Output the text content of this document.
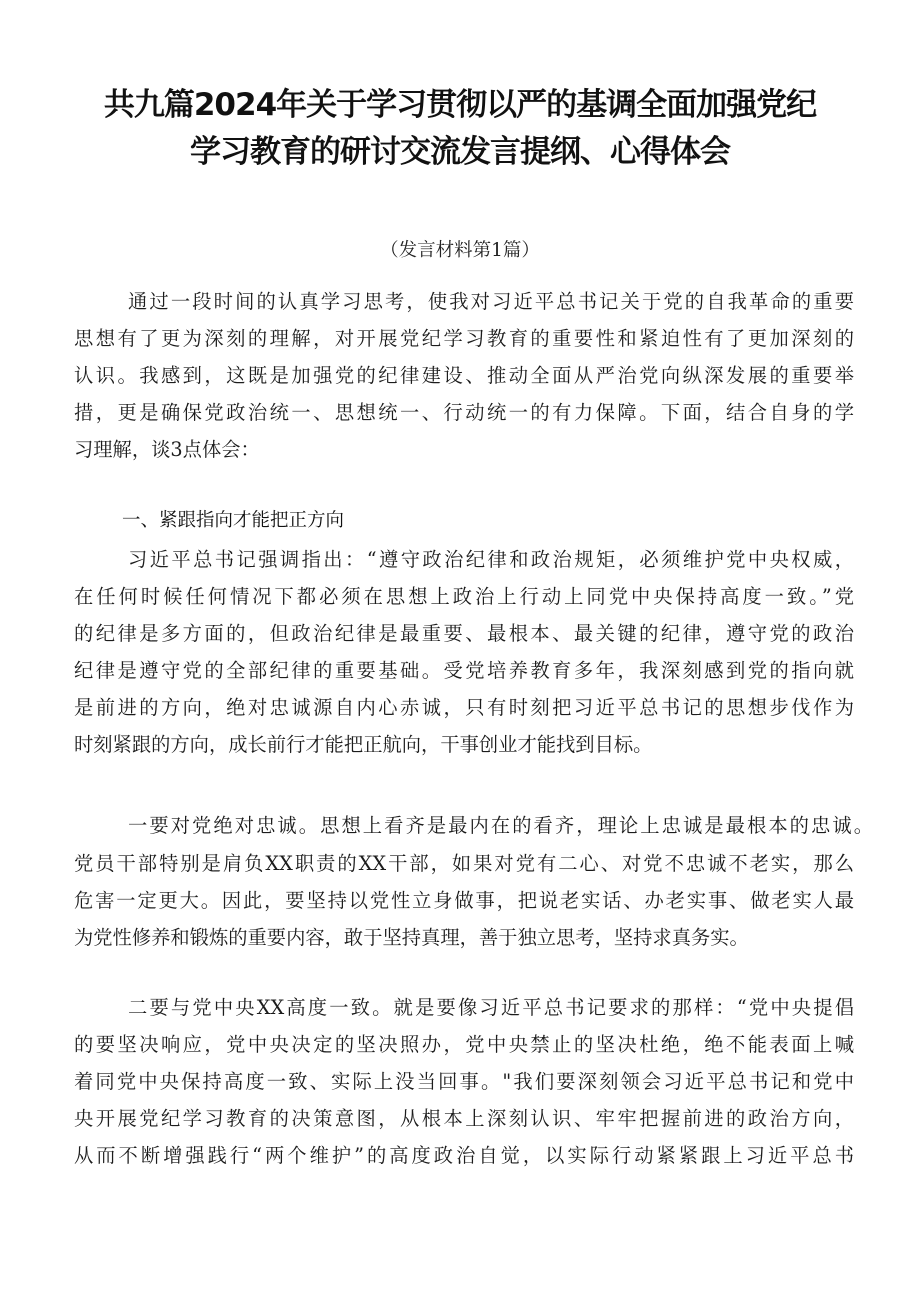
共九篇2024年关于学习贯彻以严的基调全面加强党纪
学习教育的研讨交流发言提纲、心得体会
（发言材料第1篇）
通过一段时间的认真学习思考，使我对习近平总书记关于党的自我革命的重要
思想有了更为深刻的理解，对开展党纪学习教育的重要性和紧迫性有了更加深刻的
认识。我感到，这既是加强党的纪律建设、推动全面从严治党向纵深发展的重要举
措，更是确保党政治统一、思想统一、行动统一的有力保障。下面，结合自身的学
习理解，谈3点体会：
一、紧跟指向才能把正方向
习近平总书记强调指出：“遵守政治纪律和政治规矩，必须维护党中央权威，
在任何时候任何情况下都必须在思想上政治上行动上同党中央保持高度一致。”党
的纪律是多方面的，但政治纪律是最重要、最根本、最关键的纪律，遵守党的政治
纪律是遵守党的全部纪律的重要基础。受党培养教育多年，我深刻感到党的指向就
是前进的方向，绝对忠诚源自内心赤诚，只有时刻把习近平总书记的思想步伐作为
时刻紧跟的方向，成长前行才能把正航向，干事创业才能找到目标。
一要对党绝对忠诚。思想上看齐是最内在的看齐，理论上忠诚是最根本的忠诚。
党员干部特别是肩负XX职责的XX干部，如果对党有二心、对党不忠诚不老实，那么
危害一定更大。因此，要坚持以党性立身做事，把说老实话、办老实事、做老实人最
为党性修养和锻炼的重要内容，敢于坚持真理，善于独立思考，坚持求真务实。
二要与党中央XX高度一致。就是要像习近平总书记要求的那样：“党中央提倡
的要坚决响应，党中央决定的坚决照办，党中央禁止的坚决杜绝，绝不能表面上喊
着同党中央保持高度一致、实际上没当回事。"我们要深刻领会习近平总书记和党中
央开展党纪学习教育的决策意图，从根本上深刻认识、牢牢把握前进的政治方向，
从而不断增强践行“两个维护”的高度政治自觉，以实际行动紧紧跟上习近平总书
